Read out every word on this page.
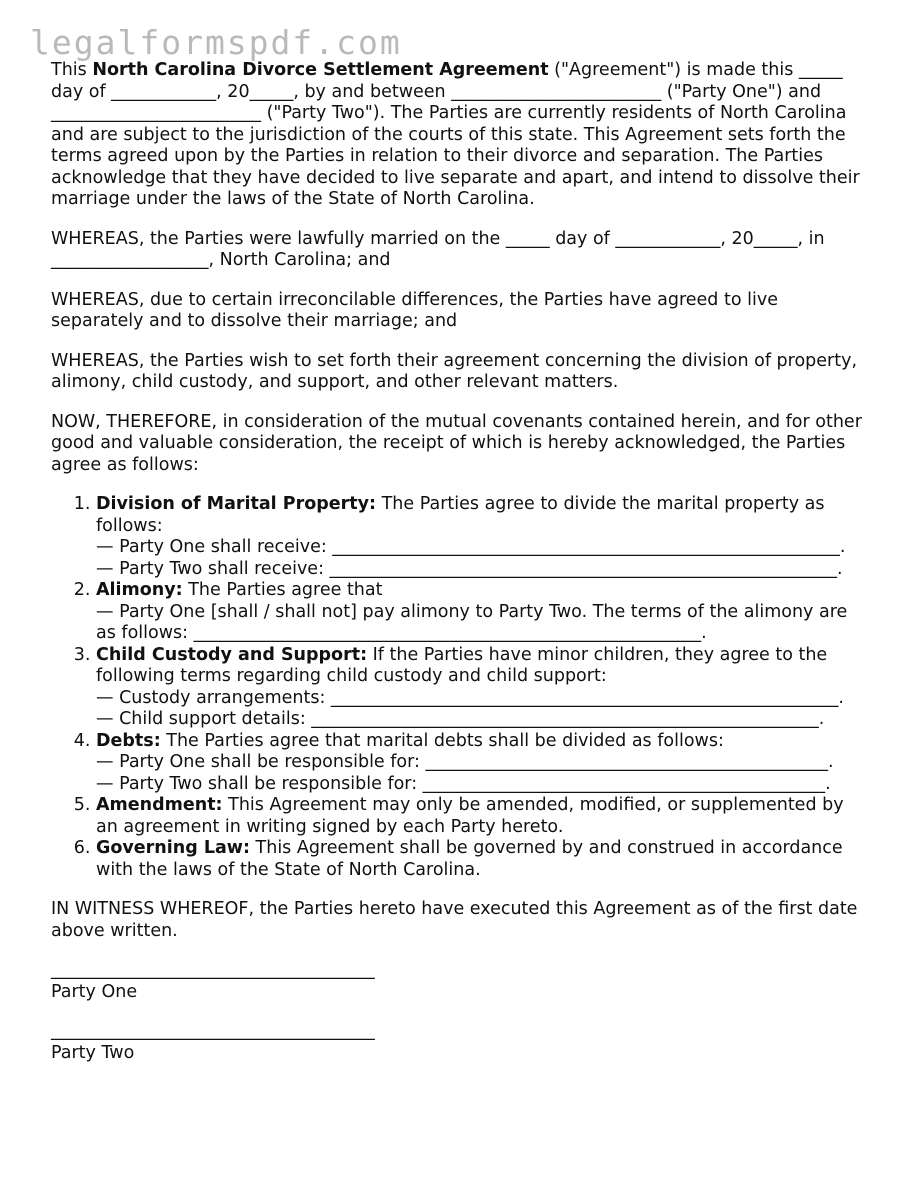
legalformspdf.com

This North Carolina Divorce Settlement Agreement ("Agreement") is made this _____ day of ____________, 20_____, by and between ________________________ ("Party One") and ________________________ ("Party Two"). The Parties are currently residents of North Carolina and are subject to the jurisdiction of the courts of this state. This Agreement sets forth the terms agreed upon by the Parties in relation to their divorce and separation. The Parties acknowledge that they have decided to live separate and apart, and intend to dissolve their marriage under the laws of the State of North Carolina.

WHEREAS, the Parties were lawfully married on the _____ day of ____________, 20_____, in __________________, North Carolina; and

WHEREAS, due to certain irreconcilable differences, the Parties have agreed to live separately and to dissolve their marriage; and

WHEREAS, the Parties wish to set forth their agreement concerning the division of property, alimony, child custody, and support, and other relevant matters.

NOW, THEREFORE, in consideration of the mutual covenants contained herein, and for other good and valuable consideration, the receipt of which is hereby acknowledged, the Parties agree as follows:

1. Division of Marital Property: The Parties agree to divide the marital property as follows:
— Party One shall receive: __________________________________________________________.
— Party Two shall receive: __________________________________________________________.
2. Alimony: The Parties agree that
— Party One [shall / shall not] pay alimony to Party Two. The terms of the alimony are as follows: __________________________________________________________.
3. Child Custody and Support: If the Parties have minor children, they agree to the following terms regarding child custody and child support:
— Custody arrangements: __________________________________________________________.
— Child support details: __________________________________________________________.
4. Debts: The Parties agree that marital debts shall be divided as follows:
— Party One shall be responsible for: ______________________________________________.
— Party Two shall be responsible for: ______________________________________________.
5. Amendment: This Agreement may only be amended, modified, or supplemented by an agreement in writing signed by each Party hereto.
6. Governing Law: This Agreement shall be governed by and construed in accordance with the laws of the State of North Carolina.

IN WITNESS WHEREOF, the Parties hereto have executed this Agreement as of the first date above written.

_____________________________________
Party One
_____________________________________
Party Two
